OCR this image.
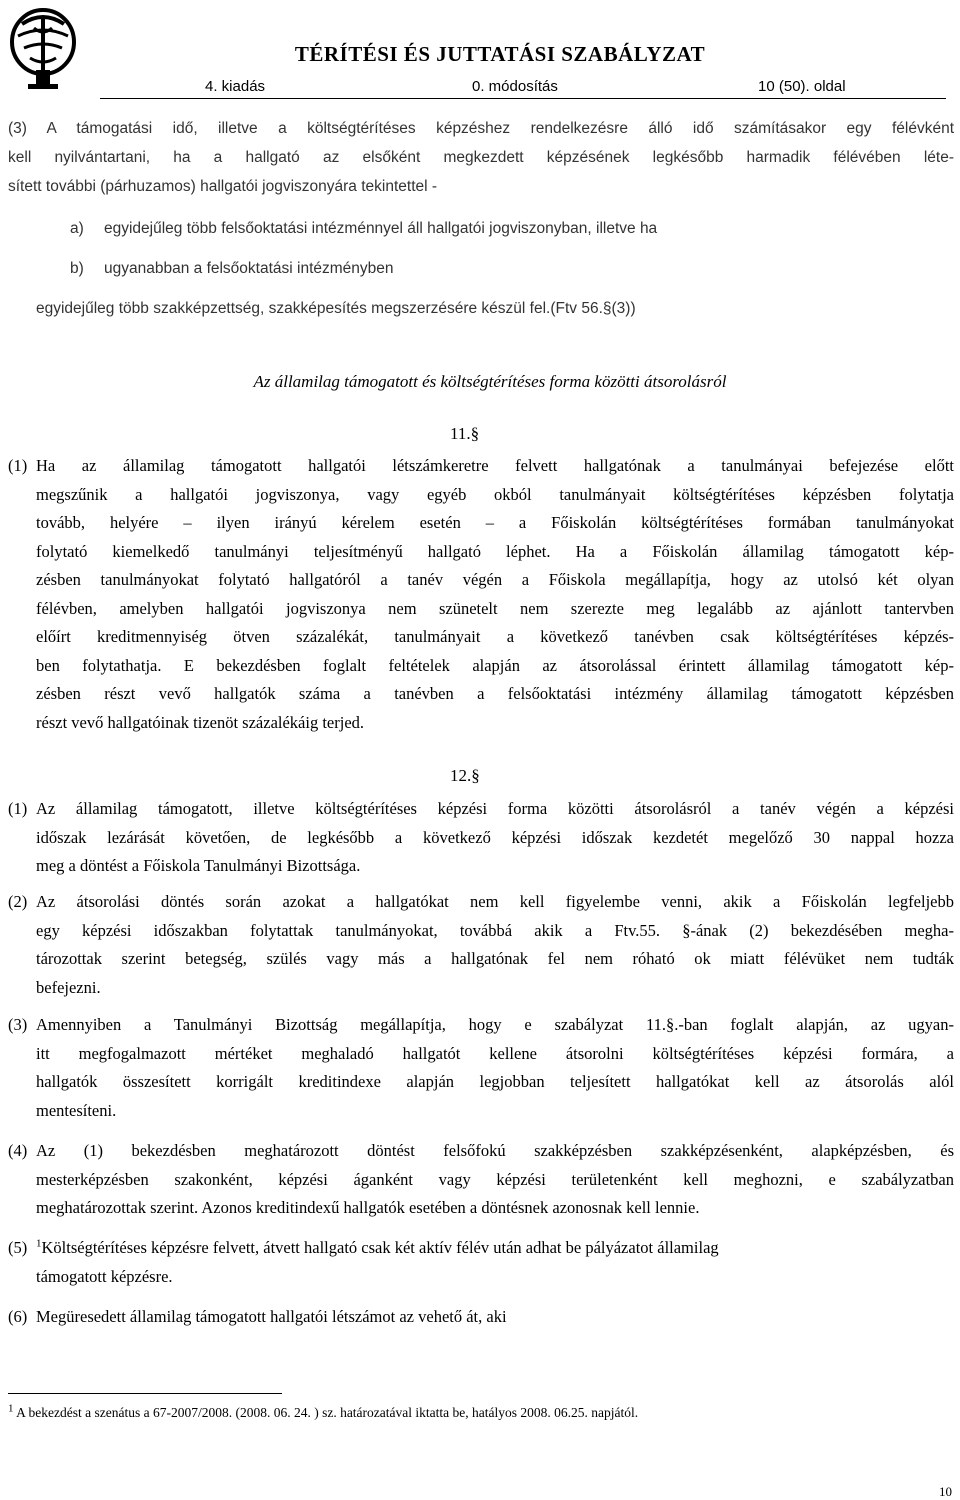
TÉRÍTÉSI ÉS JUTTATÁSI SZABÁLYZAT
4. kiadás	0. módosítás	10 (50). oldal
(3) A támogatási idő, illetve a költségtérítéses képzéshez rendelkezésre álló idő számításakor egy félévként
kell nyilvántartani, ha a hallgató az elsőként megkezdett képzésének legkésőbb harmadik félévében léte-
sített további (párhuzamos) hallgatói jogviszonyára tekintettel -
a) egyidejűleg több felsőoktatási intézménnyel áll hallgatói jogviszonyban, illetve ha
b) ugyanabban a felsőoktatási intézményben
egyidejűleg több szakképzettség, szakképesítés megszerzésére készül fel.(Ftv 56.§(3))
Az államilag támogatott és költségtérítéses forma közötti átsorolásról
11.§
(1) Ha az államilag támogatott hallgatói létszámkeretre felvett hallgatónak a tanulmányai befejezése előtt
megszűnik a hallgatói jogviszonya, vagy egyéb okból tanulmányait költségtérítéses képzésben folytatja
tovább, helyére – ilyen irányú kérelem esetén – a Főiskolán költségtérítéses formában tanulmányokat
folytató kiemelkedő tanulmányi teljesítményű hallgató léphet. Ha a Főiskolán államilag támogatott kép-
zésben tanulmányokat folytató hallgatóról a tanév végén a Főiskola megállapítja, hogy az utolsó két olyan
félévben, amelyben hallgatói jogviszonya nem szünetelt nem szerezte meg legalább az ajánlott tantervben
előírt kreditmennyiség ötven százalékát, tanulmányait a következő tanévben csak költségtérítéses képzés-
ben folytathatja. E bekezdésben foglalt feltételek alapján az átsorolással érintett államilag támogatott kép-
zésben részt vevő hallgatók száma a tanévben a felsőoktatási intézmény államilag támogatott képzésben
részt vevő hallgatóinak tizenöt százalékáig terjed.
12.§
(1) Az államilag támogatott, illetve költségtérítéses képzési forma közötti átsorolásról a tanév végén a képzési
időszak lezárását követően, de legkésőbb a következő képzési időszak kezdetét megelőző 30 nappal hozza
meg a döntést a Főiskola Tanulmányi Bizottsága.
(2) Az átsorolási döntés során azokat a hallgatókat nem kell figyelembe venni, akik a Főiskolán legfeljebb
egy képzési időszakban folytattak tanulmányokat, továbbá akik a Ftv.55. §-ának (2) bekezdésében megha-
tározottak szerint betegség, szülés vagy más a hallgatónak fel nem róható ok miatt félévüket nem tudták
befejezni.
(3) Amennyiben a Tanulmányi Bizottság megállapítja, hogy e szabályzat 11.§.-ban foglalt alapján, az ugyan-
itt megfogalmazott mértéket meghaladó hallgatót kellene átsorolni költségtérítéses képzési formára, a
hallgatók összesített korrigált kreditindexe alapján legjobban teljesített hallgatókat kell az átsorolás alól
mentesíteni.
(4) Az (1) bekezdésben meghatározott döntést felsőfokú szakképzésben szakképzésenként, alapképzésben, és
mesterképzésben szakonként, képzési áganként vagy képzési területenként kell meghozni, e szabályzatban
meghatározottak szerint. Azonos kreditindexű hallgatók esetében a döntésnek azonosnak kell lennie.
(5) $^1$Költségtérítéses képzésre felvett, átvett hallgató csak két aktív félév után adhat be pályázatot államilag
támogatott képzésre.
(6) Megüresedett államilag támogatott hallgatói létszámot az vehető át, aki
$^1$ A bekezdést a szenátus a 67-2007/2008. (2008. 06. 24. ) sz. határozatával iktatta be, hatályos 2008. 06.25. napjától.
10
